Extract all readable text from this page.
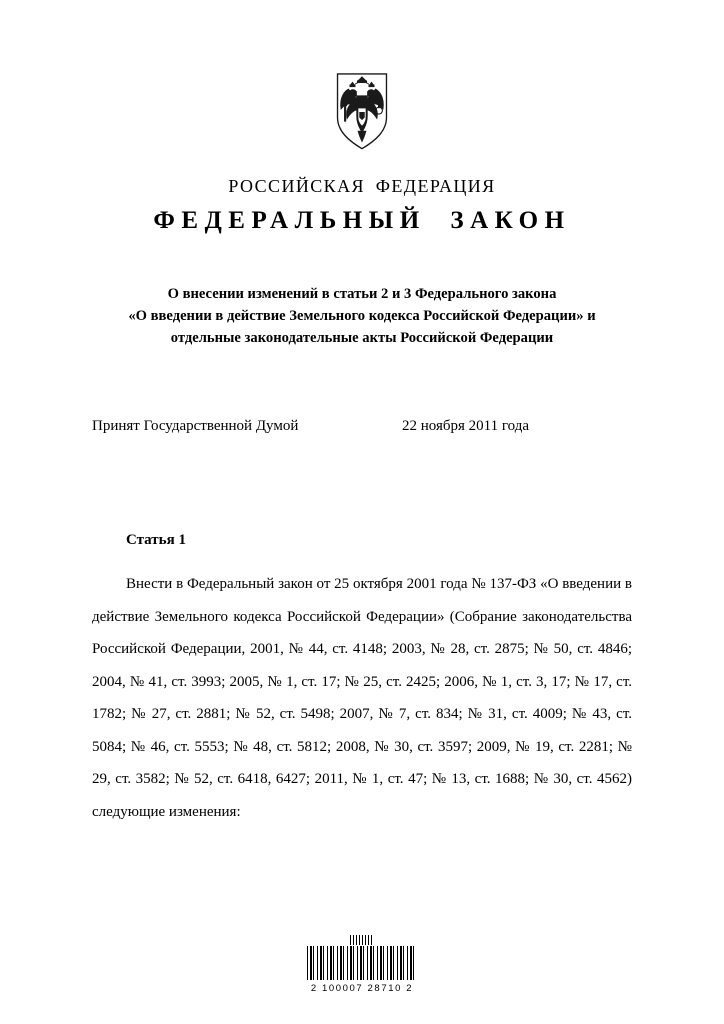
РОССИЙСКАЯ ФЕДЕРАЦИЯ
ФЕДЕРАЛЬНЫЙ ЗАКОН
О внесении изменений в статьи 2 и 3 Федерального закона
«О введении в действие Земельного кодекса Российской Федерации» и
отдельные законодательные акты Российской Федерации
Принят Государственной Думой	22 ноября 2011 года
Статья 1

Внести в Федеральный закон от 25 октября 2001 года № 137-ФЗ «О введении в действие Земельного кодекса Российской Федерации» (Собрание законодательства Российской Федерации, 2001, № 44, ст. 4148; 2003, № 28, ст. 2875; № 50, ст. 4846; 2004, № 41, ст. 3993; 2005, № 1, ст. 17; № 25, ст. 2425; 2006, № 1, ст. 3, 17; № 17, ст. 1782; № 27, ст. 2881; № 52, ст. 5498; 2007, № 7, ст. 834; № 31, ст. 4009; № 43, ст. 5084; № 46, ст. 5553; № 48, ст. 5812; 2008, № 30, ст. 3597; 2009, № 19, ст. 2281; № 29, ст. 3582; № 52, ст. 6418, 6427; 2011, № 1, ст. 47; № 13, ст. 1688; № 30, ст. 4562) следующие изменения:

2 100007 28710 2
